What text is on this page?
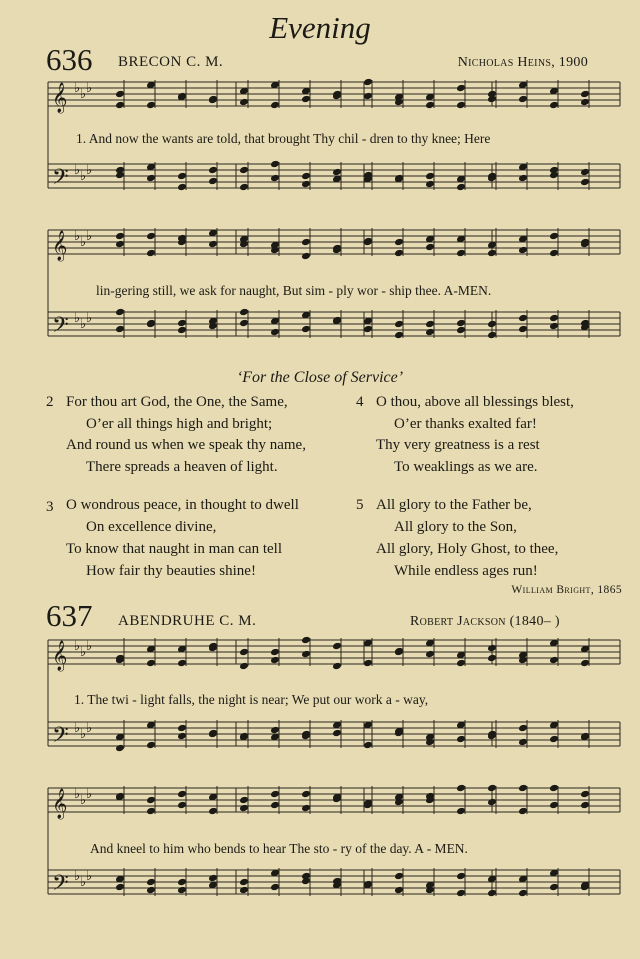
Evening
636 BRECON C. M.	Nicholas Heins, 1900
𝄞 ♭ ♭ ♭
𝄢 ♭ ♭ ♭
1. And now the wants are told, that brought Thy chil - dren to thy knee; Here
𝄞 ♭ ♭ ♭
𝄢 ♭ ♭ ♭
lin-gering still, we ask for naught, But sim - ply wor - ship thee. A-MEN.
‘For the Close of Service’
2 For thou art God, the One, the Same,
O’er all things high and bright;
And round us when we speak thy name,
There spreads a heaven of light.
3 O wondrous peace, in thought to dwell
On excellence divine,
To know that naught in man can tell
How fair thy beauties shine!
4 O thou, above all blessings blest,
O’er thanks exalted far!
Thy very greatness is a rest
To weaklings as we are.
5 All glory to the Father be,
All glory to the Son,
All glory, Holy Ghost, to thee,
While endless ages run!
William Bright, 1865
637 ABENDRUHE C. M.	Robert Jackson (1840– )
𝄞 ♭ ♭ ♭
𝄢 ♭ ♭ ♭
1. The twi - light falls, the night is near; We put our work a - way,
𝄞 ♭ ♭ ♭
𝄢 ♭ ♭ ♭
And kneel to him who bends to hear The sto - ry of the day. A - MEN.
